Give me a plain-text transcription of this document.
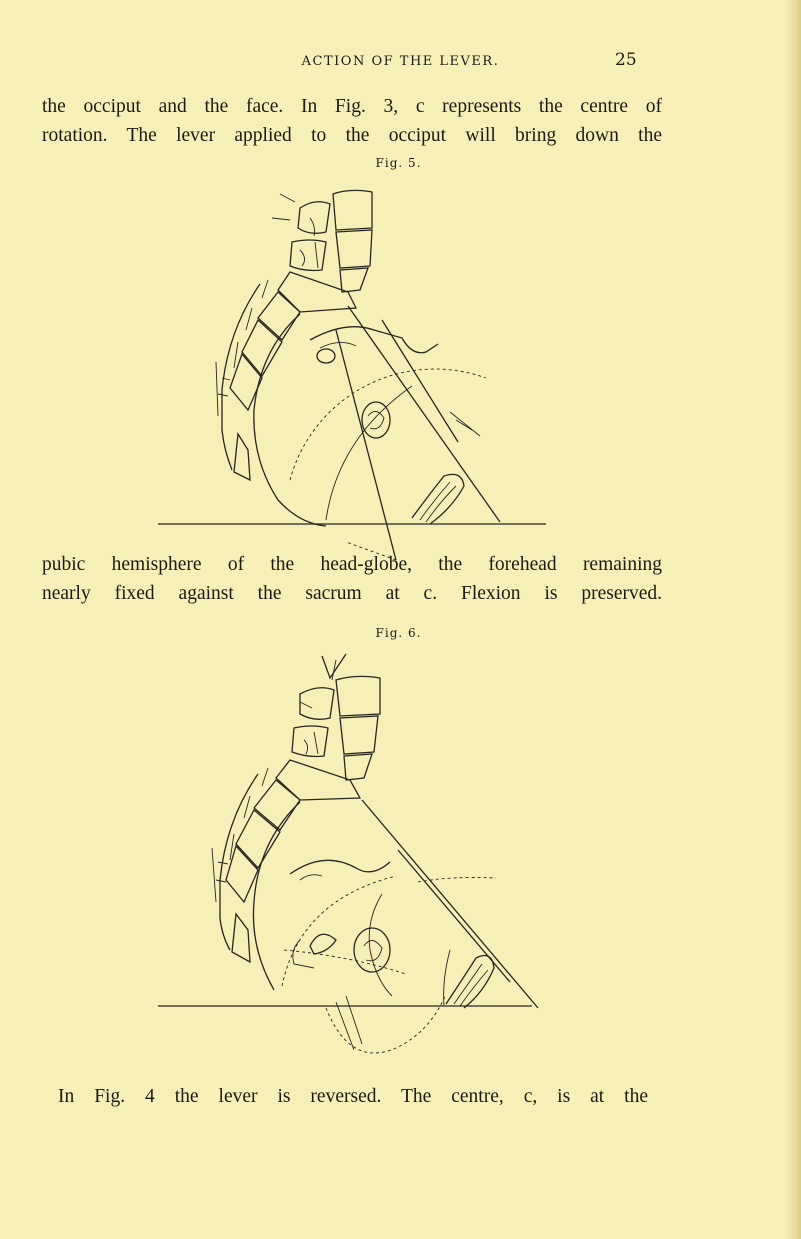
ACTION OF THE LEVER.	25
the occiput and the face. In Fig. 3, c represents the centre of
rotation. The lever applied to the occiput will bring down the
Fig. 5.
pubic hemisphere of the head-globe, the forehead remaining
nearly fixed against the sacrum at c. Flexion is preserved.
Fig. 6.
In Fig. 4 the lever is reversed. The centre, c, is at the
